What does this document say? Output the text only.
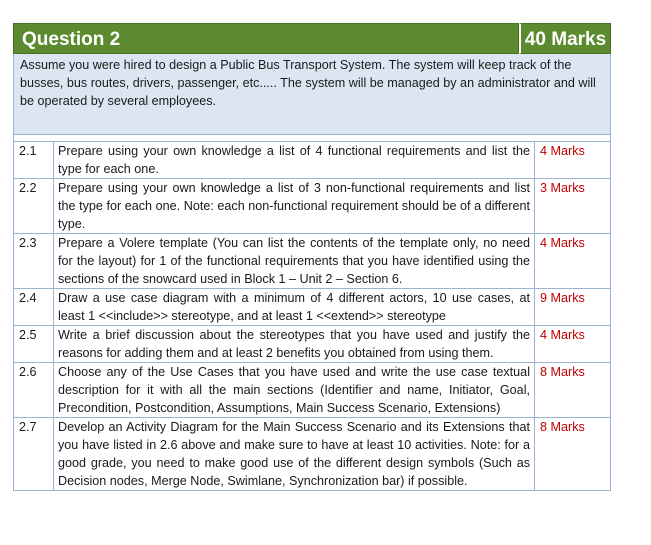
Question 2	40 Marks
Assume you were hired to design a Public Bus Transport System. The system will keep track of the busses, bus routes, drivers, passenger, etc..... The system will be managed by an administrator and will be operated by several employees.
2.1	Prepare using your own knowledge a list of 4 functional requirements and list the type for each one.	4 Marks
2.2	Prepare using your own knowledge a list of 3 non-functional requirements and list the type for each one. Note: each non-functional requirement should be of a different type.	3 Marks
2.3	Prepare a Volere template (You can list the contents of the template only, no need for the layout) for 1 of the functional requirements that you have identified using the sections of the snowcard used in Block 1 – Unit 2 – Section 6.	4 Marks
2.4	Draw a use case diagram with a minimum of 4 different actors, 10 use cases, at least 1 <<include>> stereotype, and at least 1 <<extend>> stereotype	9 Marks
2.5	Write a brief discussion about the stereotypes that you have used and justify the reasons for adding them and at least 2 benefits you obtained from using them.	4 Marks
2.6	Choose any of the Use Cases that you have used and write the use case textual description for it with all the main sections (Identifier and name, Initiator, Goal, Precondition, Postcondition, Assumptions, Main Success Scenario, Extensions)	8 Marks
2.7	Develop an Activity Diagram for the Main Success Scenario and its Extensions that you have listed in 2.6 above and make sure to have at least 10 activities. Note: for a good grade, you need to make good use of the different design symbols (Such as Decision nodes, Merge Node, Swimlane, Synchronization bar) if possible.	8 Marks
